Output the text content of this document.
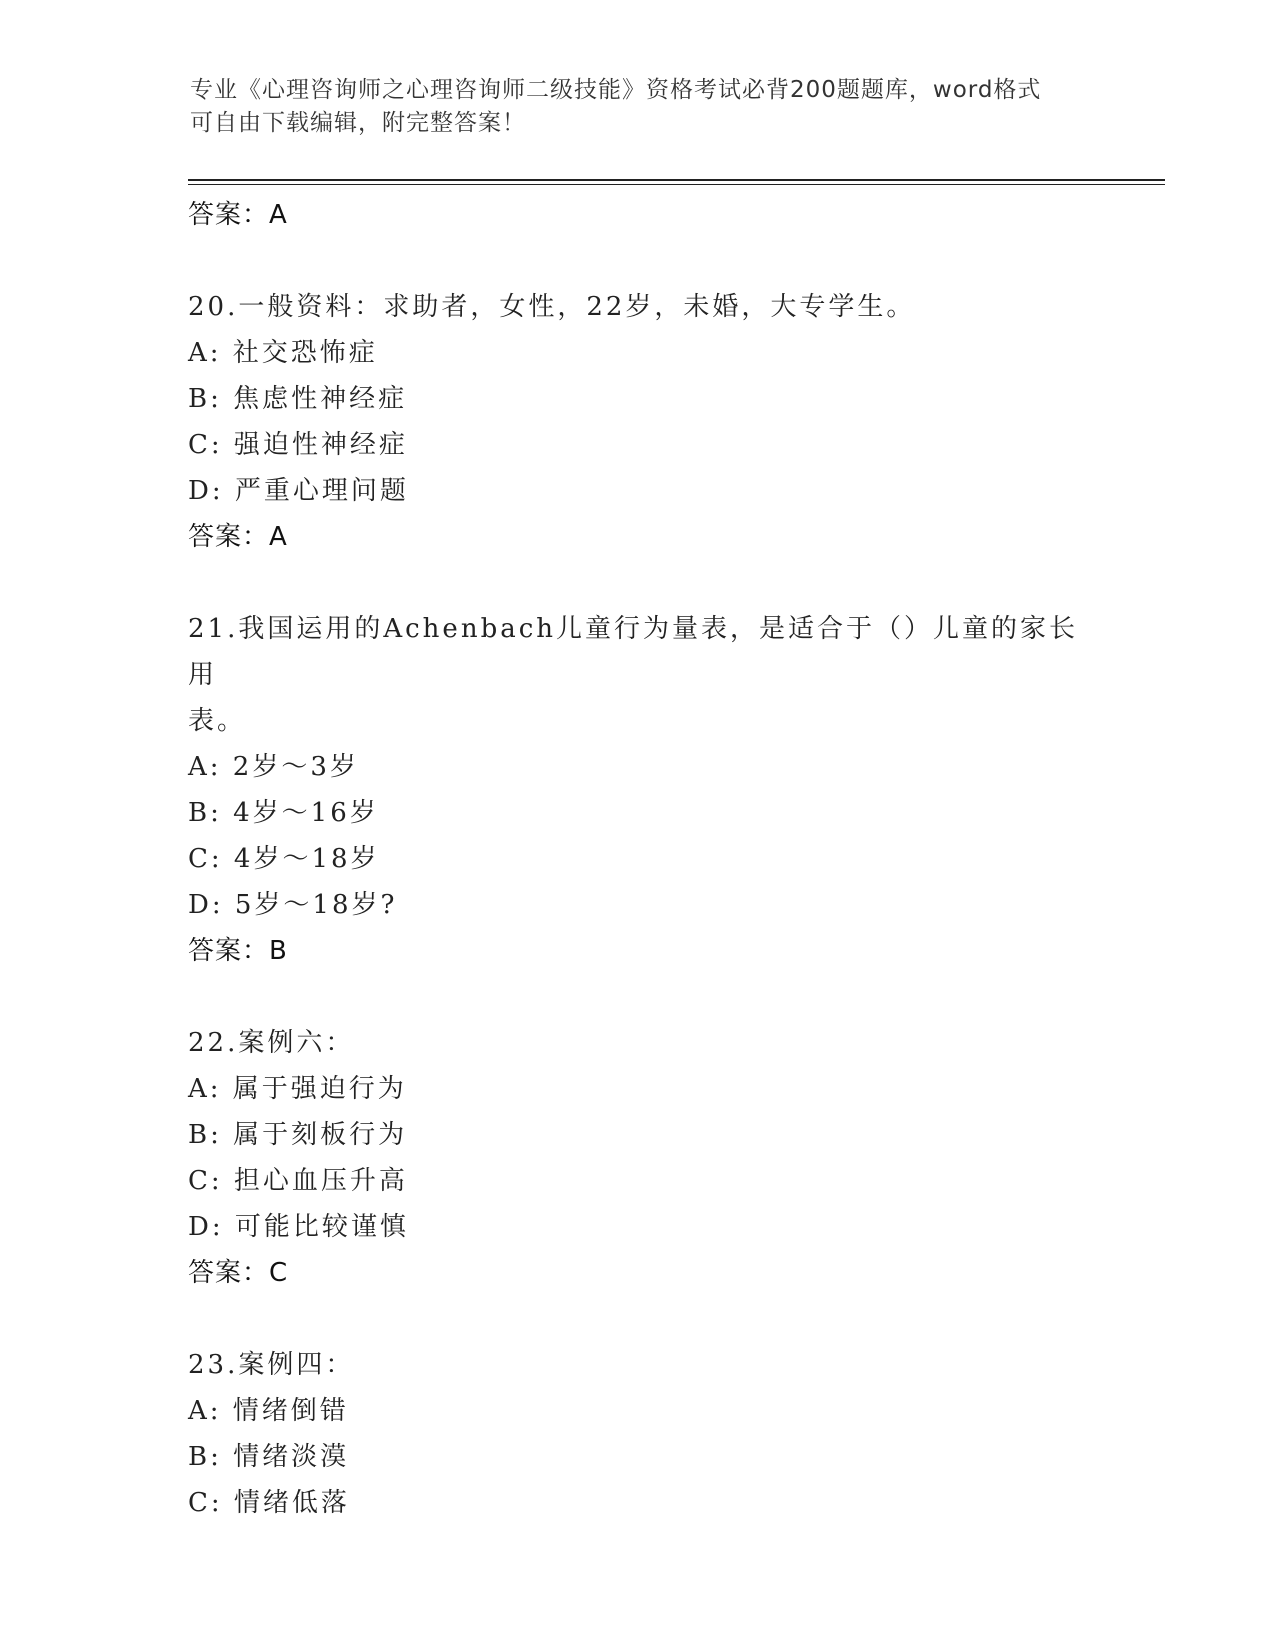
专业《心理咨询师之心理咨询师二级技能》资格考试必背200题题库，word格式
可自由下载编辑，附完整答案！
答案：A
20.一般资料：求助者，女性，22岁，未婚，大专学生。
A: 社交恐怖症
B: 焦虑性神经症
C: 强迫性神经症
D: 严重心理问题
答案：A
21.我国运用的Achenbach儿童行为量表，是适合于（）儿童的家长用
表。
A: 2岁～3岁
B: 4岁～16岁
C: 4岁～18岁
D: 5岁～18岁?
答案：B
22.案例六：
A: 属于强迫行为
B: 属于刻板行为
C: 担心血压升高
D: 可能比较谨慎
答案：C
23.案例四：
A: 情绪倒错
B: 情绪淡漠
C: 情绪低落
